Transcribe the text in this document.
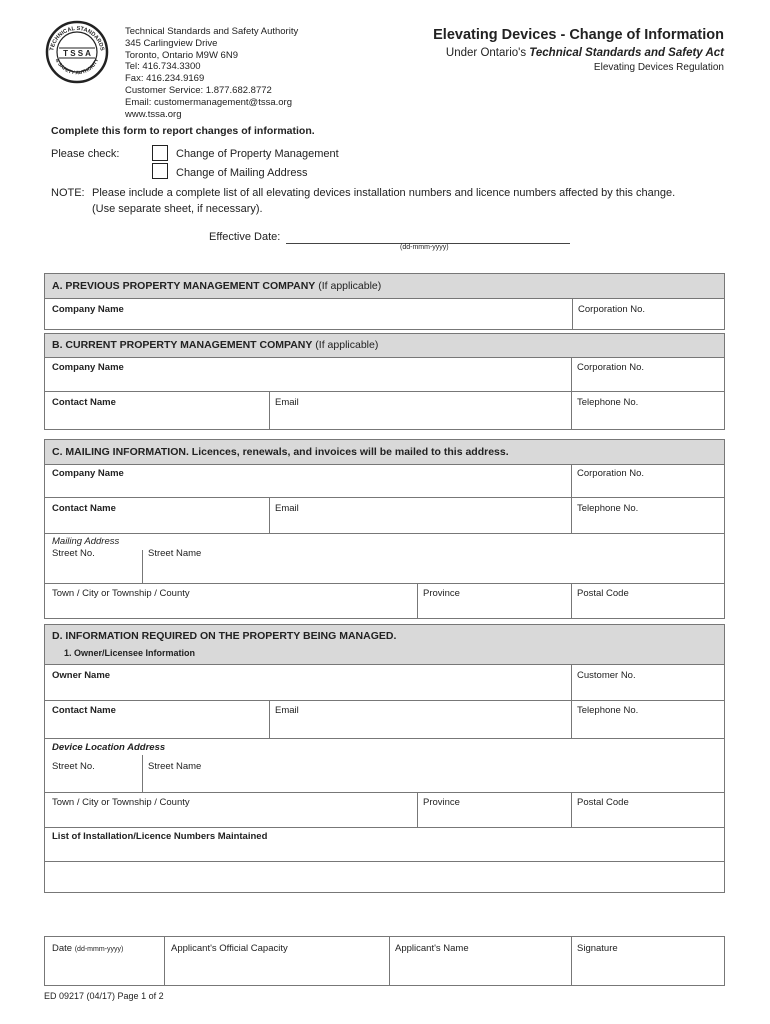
TECHNICAL STANDARDS
& SAFETY AUTHORITY
T S S A
Technical Standards and Safety Authority
345 Carlingview Drive
Toronto, Ontario M9W 6N9
Tel: 416.734.3300
Fax: 416.234.9169
Customer Service: 1.877.682.8772
Email: customermanagement@tssa.org
www.tssa.org
Elevating Devices - Change of Information
Under Ontario's Technical Standards and Safety Act
Elevating Devices Regulation
Complete this form to report changes of information.
Please check:	Change of Property Management
Change of Mailing Address
NOTE: Please include a complete list of all elevating devices installation numbers and licence numbers affected by this change.
(Use separate sheet, if necessary).
Effective Date:
(dd-mmm-yyyy)
A. PREVIOUS PROPERTY MANAGEMENT COMPANY (If applicable)
Company Name	Corporation No.
B. CURRENT PROPERTY MANAGEMENT COMPANY (If applicable)
Company Name	Corporation No.
Contact Name	Email	Telephone No.
C. MAILING INFORMATION. Licences, renewals, and invoices will be mailed to this address.
Company Name	Corporation No.
Contact Name	Email	Telephone No.
Mailing Address
Street No.	Street Name
Town / City or Township / County	Province	Postal Code
D. INFORMATION REQUIRED ON THE PROPERTY BEING MANAGED.
1. Owner/Licensee Information
Owner Name	Customer No.
Contact Name	Email	Telephone No.
Device Location Address
Street No.	Street Name
Town / City or Township / County	Province	Postal Code
List of Installation/Licence Numbers Maintained
Date (dd-mmm-yyyy)	Applicant's Official Capacity	Applicant's Name	Signature
ED 09217 (04/17) Page 1 of 2
